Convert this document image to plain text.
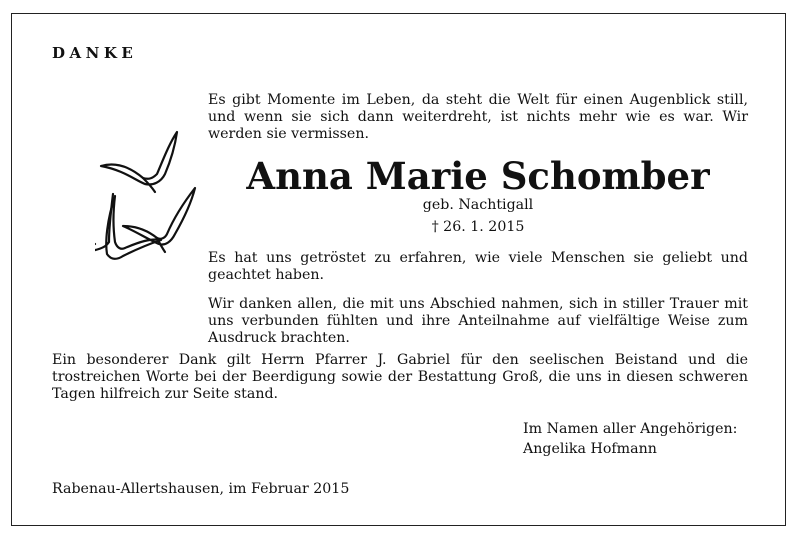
DANKE
Es gibt Momente im Leben, da steht die Welt für einen Augenblick still, und wenn sie sich dann weiterdreht, ist nichts mehr wie es war. Wir werden sie vermissen.
Anna Marie Schomber
geb. Nachtigall
† 26. 1. 2015
Es hat uns getröstet zu erfahren, wie viele Menschen sie geliebt und geachtet haben.
Wir danken allen, die mit uns Abschied nahmen, sich in stiller Trauer mit uns verbunden fühlten und ihre Anteilnahme auf vielfältige Weise zum Ausdruck brachten.
Ein besonderer Dank gilt Herrn Pfarrer J. Gabriel für den seelischen Beistand und die trostreichen Worte bei der Beerdigung sowie der Bestattung Groß, die uns in diesen schweren Tagen hilfreich zur Seite stand.
Im Namen aller Angehörigen:
Angelika Hofmann
Rabenau-Allertshausen, im Februar 2015
